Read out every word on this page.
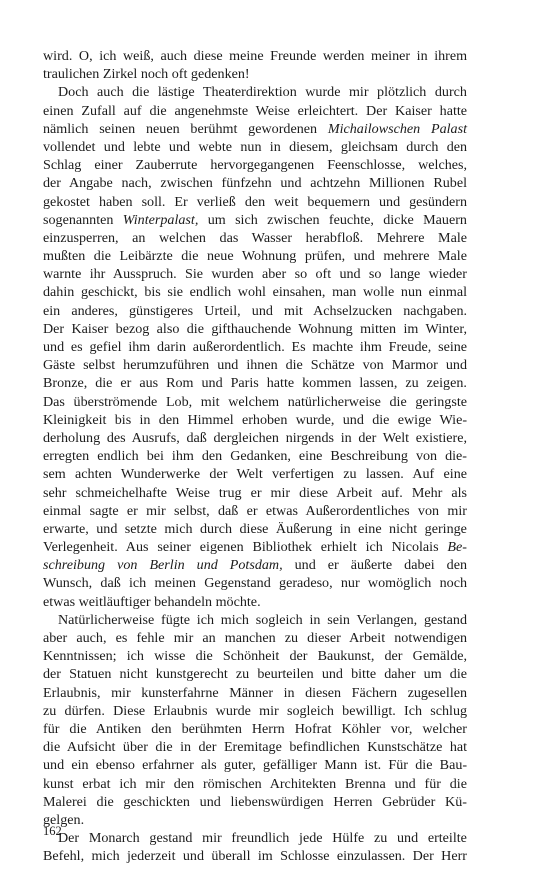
wird. O, ich weiß, auch diese meine Freunde werden meiner in ihrem
traulichen Zirkel noch oft gedenken!
Doch auch die lästige Theaterdirektion wurde mir plötzlich durch
einen Zufall auf die angenehmste Weise erleichtert. Der Kaiser hatte
nämlich seinen neuen berühmt gewordenen Michailowschen Palast
vollendet und lebte und webte nun in diesem, gleichsam durch den
Schlag einer Zauberrute hervorgegangenen Feenschlosse, welches,
der Angabe nach, zwischen fünfzehn und achtzehn Millionen Rubel
gekostet haben soll. Er verließ den weit bequemern und gesündern
sogenannten Winterpalast, um sich zwischen feuchte, dicke Mauern
einzusperren, an welchen das Wasser herabfloß. Mehrere Male
mußten die Leibärzte die neue Wohnung prüfen, und mehrere Male
warnte ihr Ausspruch. Sie wurden aber so oft und so lange wieder
dahin geschickt, bis sie endlich wohl einsahen, man wolle nun einmal
ein anderes, günstigeres Urteil, und mit Achselzucken nachgaben.
Der Kaiser bezog also die gifthauchende Wohnung mitten im Winter,
und es gefiel ihm darin außerordentlich. Es machte ihm Freude, seine
Gäste selbst herumzuführen und ihnen die Schätze von Marmor und
Bronze, die er aus Rom und Paris hatte kommen lassen, zu zeigen.
Das überströmende Lob, mit welchem natürlicherweise die geringste
Kleinigkeit bis in den Himmel erhoben wurde, und die ewige Wie-
derholung des Ausrufs, daß dergleichen nirgends in der Welt existiere,
erregten endlich bei ihm den Gedanken, eine Beschreibung von die-
sem achten Wunderwerke der Welt verfertigen zu lassen. Auf eine
sehr schmeichelhafte Weise trug er mir diese Arbeit auf. Mehr als
einmal sagte er mir selbst, daß er etwas Außerordentliches von mir
erwarte, und setzte mich durch diese Äußerung in eine nicht geringe
Verlegenheit. Aus seiner eigenen Bibliothek erhielt ich Nicolais Be-
schreibung von Berlin und Potsdam, und er äußerte dabei den
Wunsch, daß ich meinen Gegenstand geradeso, nur womöglich noch
etwas weitläuftiger behandeln möchte.
Natürlicherweise fügte ich mich sogleich in sein Verlangen, gestand
aber auch, es fehle mir an manchen zu dieser Arbeit notwendigen
Kenntnissen; ich wisse die Schönheit der Baukunst, der Gemälde,
der Statuen nicht kunstgerecht zu beurteilen und bitte daher um die
Erlaubnis, mir kunsterfahrne Männer in diesen Fächern zugesellen
zu dürfen. Diese Erlaubnis wurde mir sogleich bewilligt. Ich schlug
für die Antiken den berühmten Herrn Hofrat Köhler vor, welcher
die Aufsicht über die in der Eremitage befindlichen Kunstschätze hat
und ein ebenso erfahrner als guter, gefälliger Mann ist. Für die Bau-
kunst erbat ich mir den römischen Architekten Brenna und für die
Malerei die geschickten und liebenswürdigen Herren Gebrüder Kü-
gelgen.
Der Monarch gestand mir freundlich jede Hülfe zu und erteilte
Befehl, mich jederzeit und überall im Schlosse einzulassen. Der Herr
162
